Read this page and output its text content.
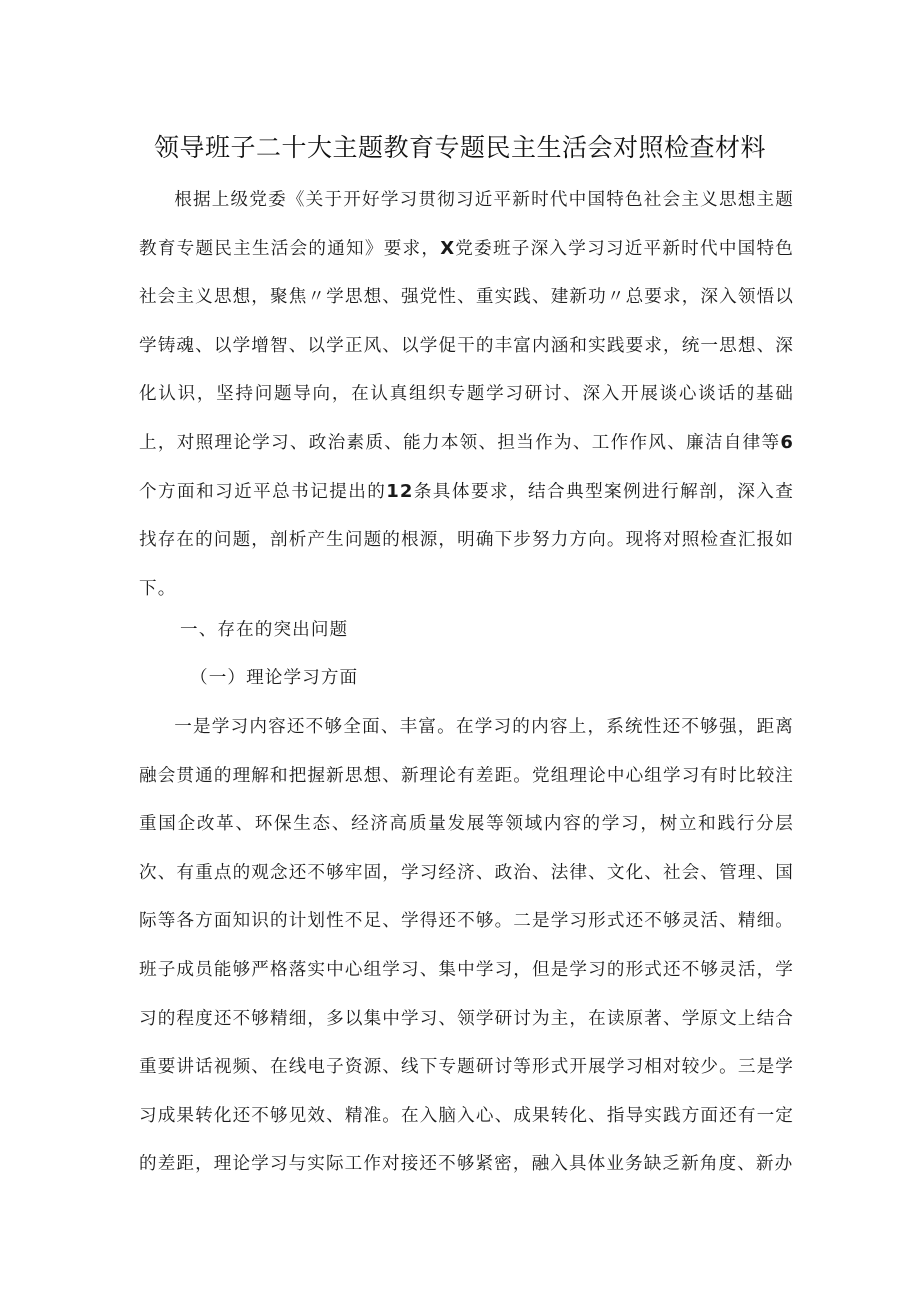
领导班子二十大主题教育专题民主生活会对照检查材料

根据上级党委《关于开好学习贯彻习近平新时代中国特色社会主义思想主题教育专题民主生活会的通知》要求，X党委班子深入学习习近平新时代中国特色社会主义思想，聚焦〃学思想、强党性、重实践、建新功〃总要求，深入领悟以学铸魂、以学增智、以学正风、以学促干的丰富内涵和实践要求，统一思想、深化认识，坚持问题导向，在认真组织专题学习研讨、深入开展谈心谈话的基础上，对照理论学习、政治素质、能力本领、担当作为、工作作风、廉洁自律等6个方面和习近平总书记提出的12条具体要求，结合典型案例进行解剖，深入查找存在的问题，剖析产生问题的根源，明确下步努力方向。现将对照检查汇报如下。

一、存在的突出问题

（一）理论学习方面

一是学习内容还不够全面、丰富。在学习的内容上，系统性还不够强，距离融会贯通的理解和把握新思想、新理论有差距。党组理论中心组学习有时比较注重国企改革、环保生态、经济高质量发展等领域内容的学习，树立和践行分层次、有重点的观念还不够牢固，学习经济、政治、法律、文化、社会、管理、国际等各方面知识的计划性不足、学得还不够。二是学习形式还不够灵活、精细。班子成员能够严格落实中心组学习、集中学习，但是学习的形式还不够灵活，学习的程度还不够精细，多以集中学习、领学研讨为主，在读原著、学原文上结合重要讲话视频、在线电子资源、线下专题研讨等形式开展学习相对较少。三是学习成果转化还不够见效、精准。在入脑入心、成果转化、指导实践方面还有一定的差距，理论学习与实际工作对接还不够紧密，融入具体业务缺乏新角度、新办
